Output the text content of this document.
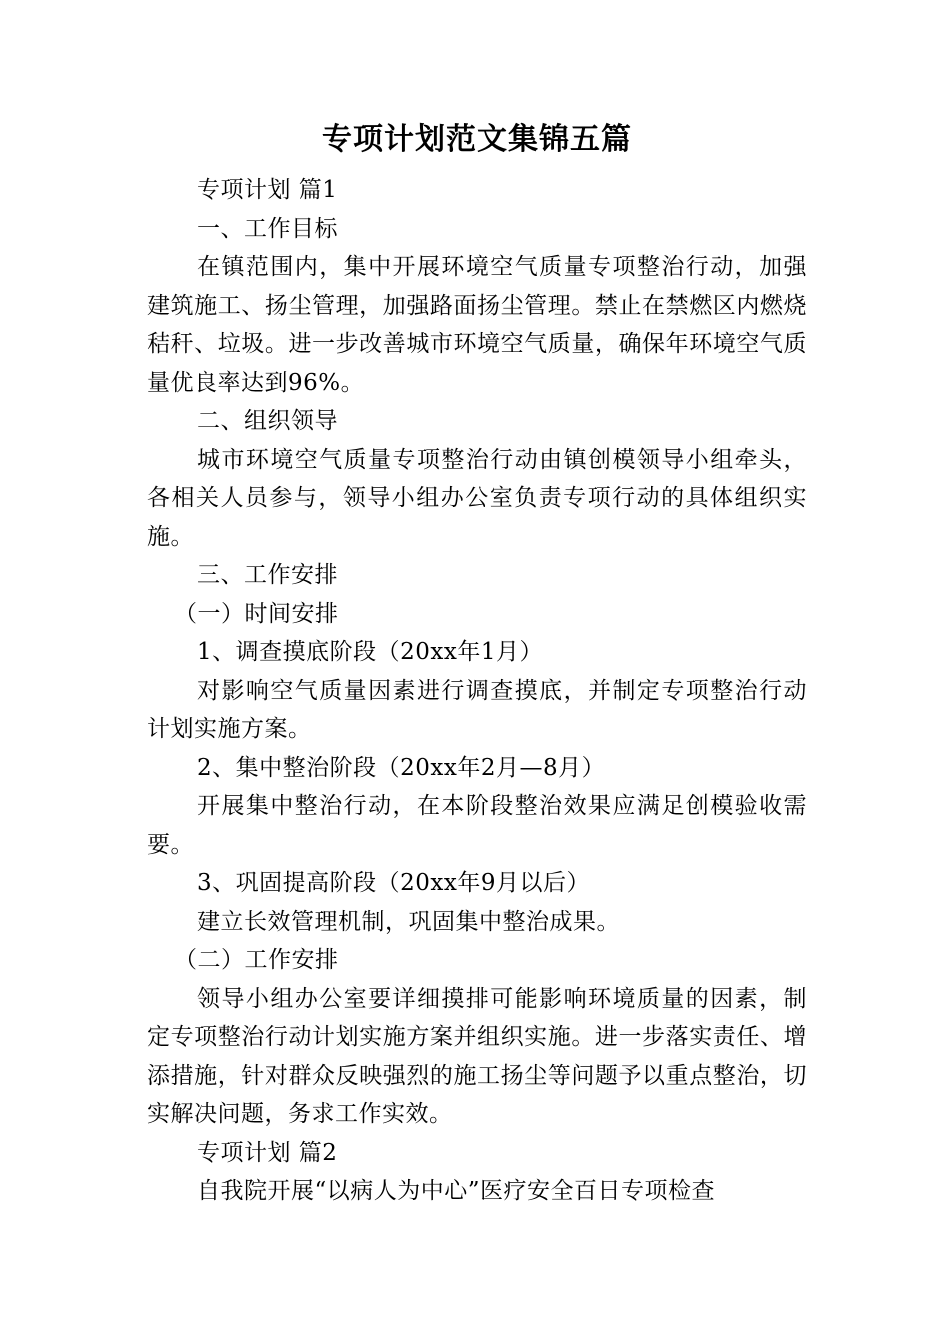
专项计划范文集锦五篇

专项计划 篇1

一、工作目标

在镇范围内，集中开展环境空气质量专项整治行动，加强建筑施工、扬尘管理，加强路面扬尘管理。禁止在禁燃区内燃烧秸秆、垃圾。进一步改善城市环境空气质量，确保年环境空气质量优良率达到96%。

二、组织领导

城市环境空气质量专项整治行动由镇创模领导小组牵头，各相关人员参与，领导小组办公室负责专项行动的具体组织实施。

三、工作安排

（一）时间安排

1、调查摸底阶段（20xx年1月）

对影响空气质量因素进行调查摸底，并制定专项整治行动计划实施方案。

2、集中整治阶段（20xx年2月—8月）

开展集中整治行动，在本阶段整治效果应满足创模验收需要。

3、巩固提高阶段（20xx年9月以后）

建立长效管理机制，巩固集中整治成果。

（二）工作安排

领导小组办公室要详细摸排可能影响环境质量的因素，制定专项整治行动计划实施方案并组织实施。进一步落实责任、增添措施，针对群众反映强烈的施工扬尘等问题予以重点整治，切实解决问题，务求工作实效。

专项计划 篇2

自我院开展“以病人为中心”医疗安全百日专项检查
